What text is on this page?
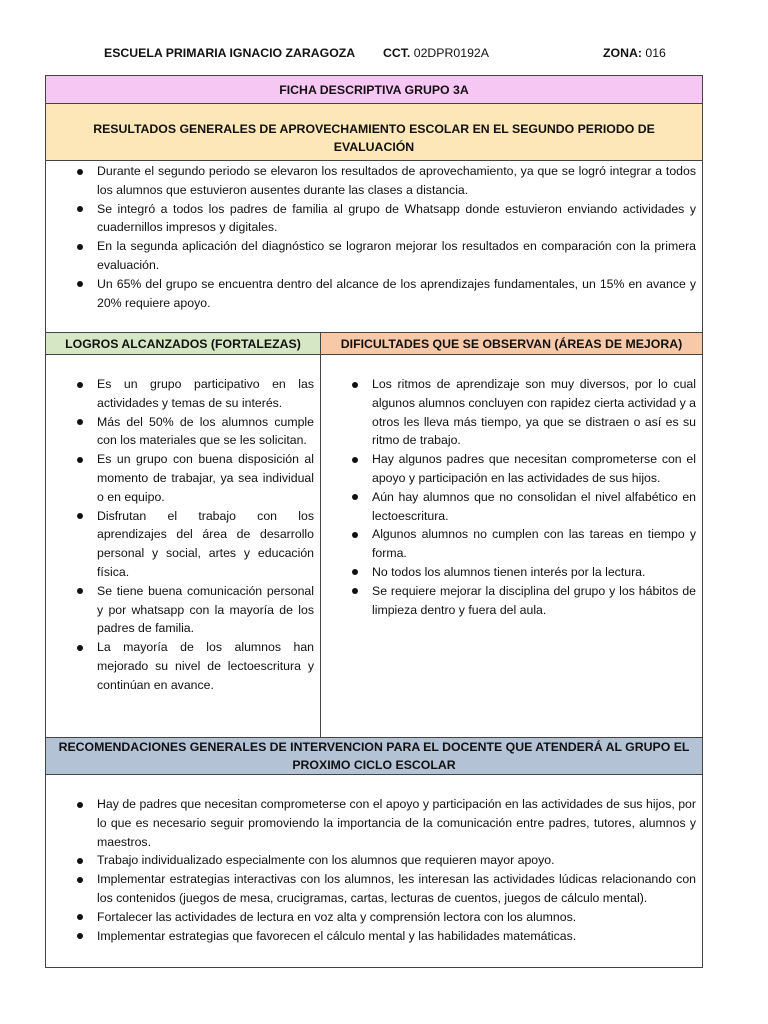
ESCUELA PRIMARIA IGNACIO ZARAGOZA CCT. 02DPR0192A	ZONA: 016
FICHA DESCRIPTIVA GRUPO 3A
RESULTADOS GENERALES DE APROVECHAMIENTO ESCOLAR EN EL SEGUNDO PERIODO DE EVALUACIÓN
Durante el segundo periodo se elevaron los resultados de aprovechamiento, ya que se logró integrar a todos los alumnos que estuvieron ausentes durante las clases a distancia.
Se integró a todos los padres de familia al grupo de Whatsapp donde estuvieron enviando actividades y cuadernillos impresos y digitales.
En la segunda aplicación del diagnóstico se lograron mejorar los resultados en comparación con la primera evaluación.
Un 65% del grupo se encuentra dentro del alcance de los aprendizajes fundamentales, un 15% en avance y 20% requiere apoyo.
LOGROS ALCANZADOS (FORTALEZAS)	DIFICULTADES QUE SE OBSERVAN (ÁREAS DE MEJORA)
Es un grupo participativo en las actividades y temas de su interés.
Más del 50% de los alumnos cumple con los materiales que se les solicitan.
Es un grupo con buena disposición al momento de trabajar, ya sea individual o en equipo.
Disfrutan el trabajo con los aprendizajes del área de desarrollo personal y social, artes y educación física.
Se tiene buena comunicación personal y por whatsapp con la mayoría de los padres de familia.
La mayoría de los alumnos han mejorado su nivel de lectoescritura y continúan en avance.
Los ritmos de aprendizaje son muy diversos, por lo cual algunos alumnos concluyen con rapidez cierta actividad y a otros les lleva más tiempo, ya que se distraen o así es su ritmo de trabajo.
Hay algunos padres que necesitan comprometerse con el apoyo y participación en las actividades de sus hijos.
Aún hay alumnos que no consolidan el nivel alfabético en lectoescritura.
Algunos alumnos no cumplen con las tareas en tiempo y forma.
No todos los alumnos tienen interés por la lectura.
Se requiere mejorar la disciplina del grupo y los hábitos de limpieza dentro y fuera del aula.
RECOMENDACIONES GENERALES DE INTERVENCION PARA EL DOCENTE QUE ATENDERÁ AL GRUPO EL PROXIMO CICLO ESCOLAR
Hay de padres que necesitan comprometerse con el apoyo y participación en las actividades de sus hijos, por lo que es necesario seguir promoviendo la importancia de la comunicación entre padres, tutores, alumnos y maestros.
Trabajo individualizado especialmente con los alumnos que requieren mayor apoyo.
Implementar estrategias interactivas con los alumnos, les interesan las actividades lúdicas relacionando con los contenidos (juegos de mesa, crucigramas, cartas, lecturas de cuentos, juegos de cálculo mental).
Fortalecer las actividades de lectura en voz alta y comprensión lectora con los alumnos.
Implementar estrategias que favorecen el cálculo mental y las habilidades matemáticas.
